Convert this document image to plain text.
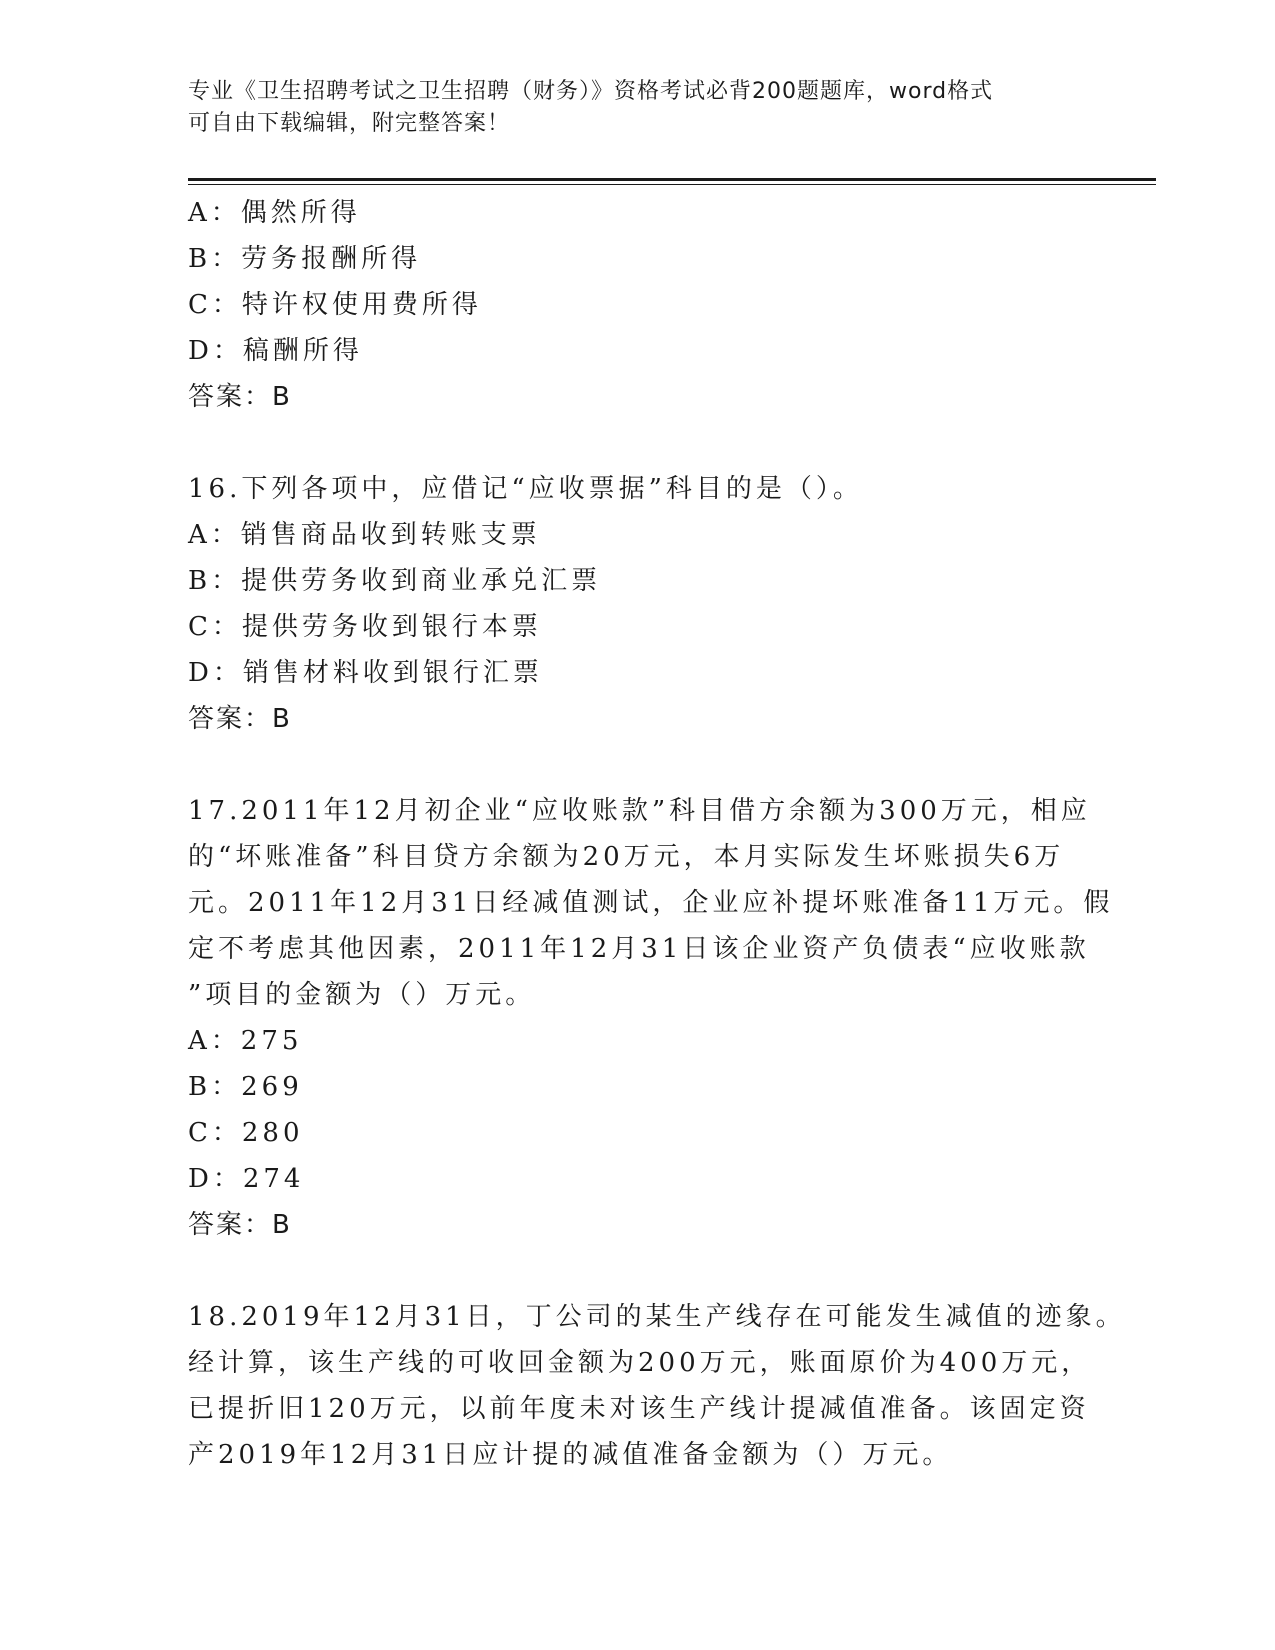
专业《卫生招聘考试之卫生招聘（财务）》资格考试必背200题题库，word格式
可自由下载编辑，附完整答案！
A：偶然所得
B：劳务报酬所得
C：特许权使用费所得
D：稿酬所得
答案：B
16.下列各项中，应借记“应收票据”科目的是（）。
A：销售商品收到转账支票
B：提供劳务收到商业承兑汇票
C：提供劳务收到银行本票
D：销售材料收到银行汇票
答案：B
17.2011年12月初企业“应收账款”科目借方余额为300万元，相应
的“坏账准备”科目贷方余额为20万元，本月实际发生坏账损失6万
元。2011年12月31日经减值测试，企业应补提坏账准备11万元。假
定不考虑其他因素，2011年12月31日该企业资产负债表“应收账款
”项目的金额为（）万元。
A：275
B：269
C：280
D：274
答案：B
18.2019年12月31日，丁公司的某生产线存在可能发生减值的迹象。
经计算，该生产线的可收回金额为200万元，账面原价为400万元，
已提折旧120万元，以前年度未对该生产线计提减值准备。该固定资
产2019年12月31日应计提的减值准备金额为（）万元。
